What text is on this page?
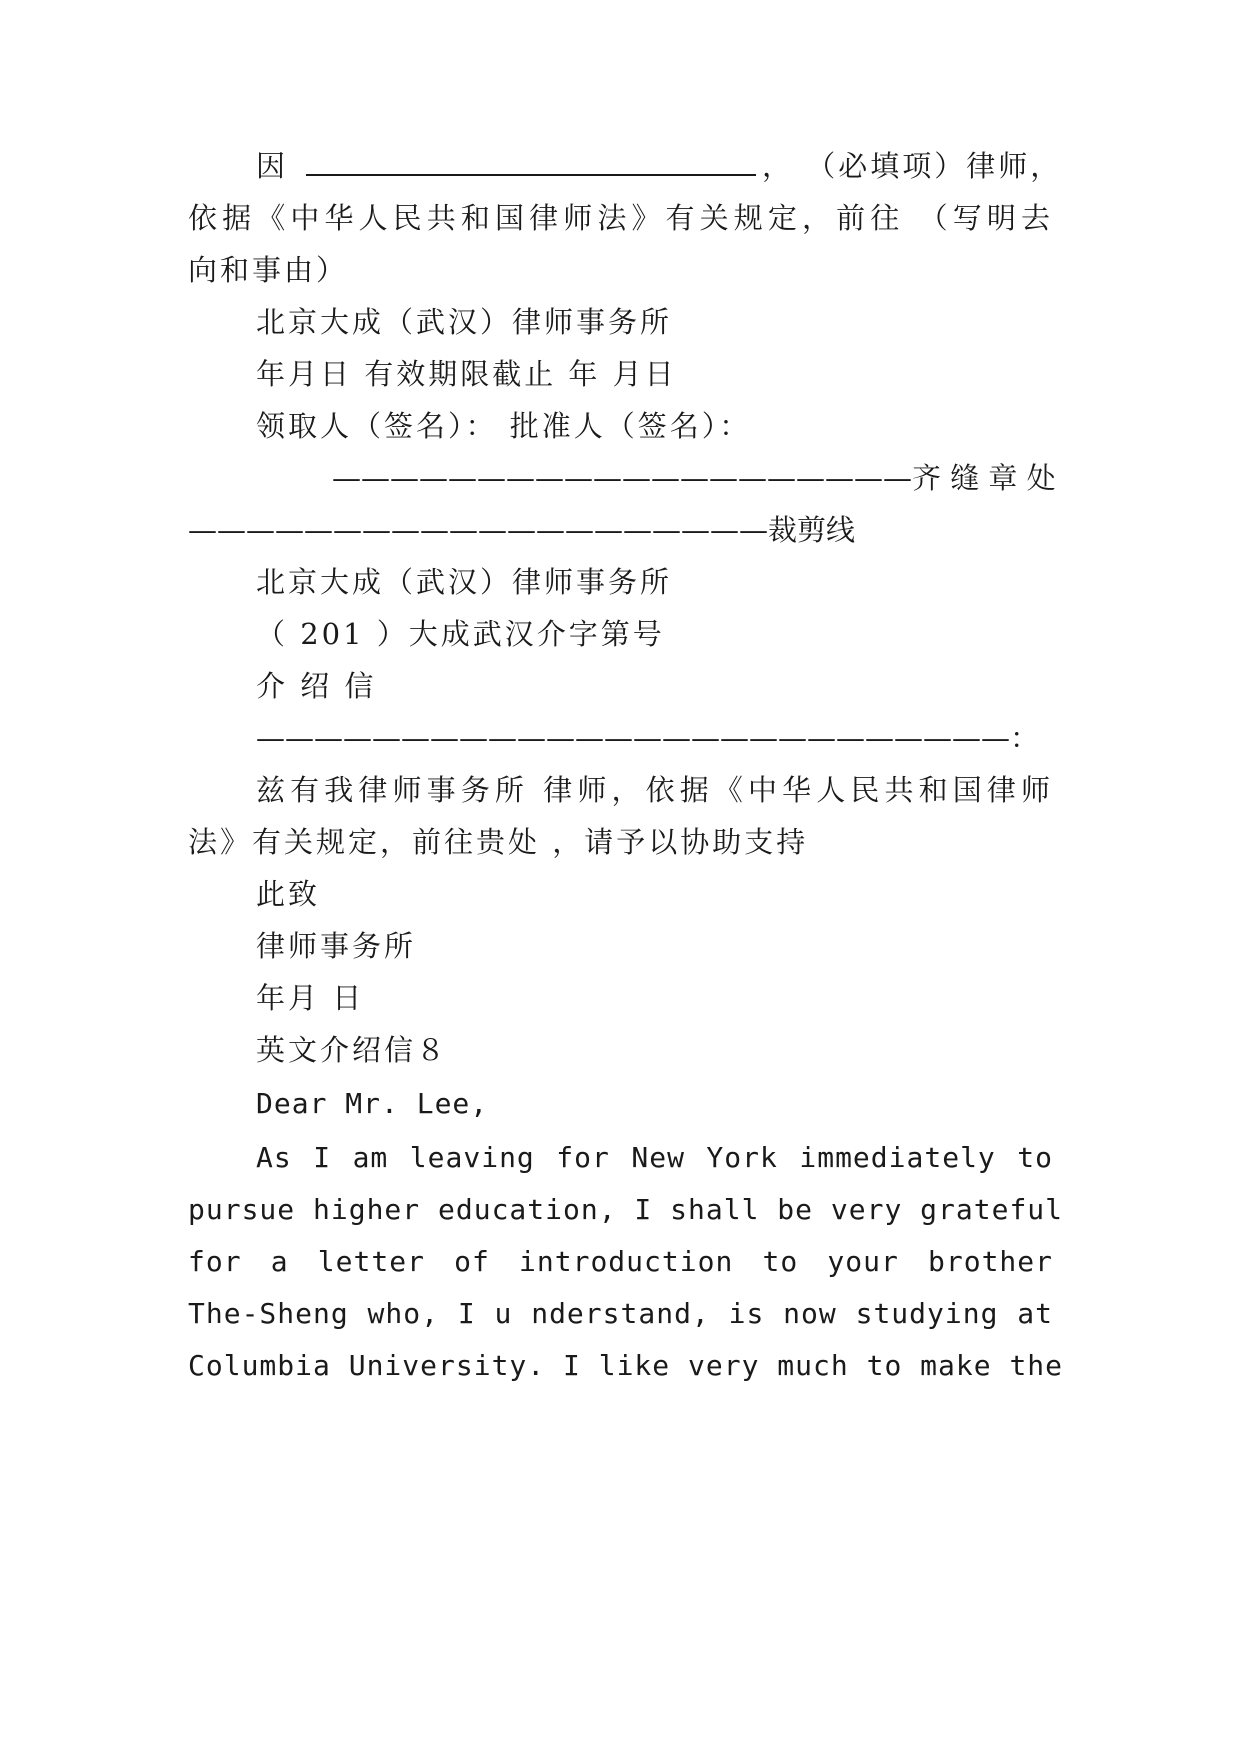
因	， （必填项）律师，
依据《中华人民共和国律师法》有关规定，前往 （写明去
向和事由）
北京大成（武汉）律师事务所
年月日 有效期限截止 年 月日
领取人（签名）： 批准人（签名）：
————————————————————齐 缝 章 处
————————————————————裁剪线
北京大成（武汉）律师事务所
（ 201 ）大成武汉介字第号
介 绍 信
——————————————————————————：
兹有我律师事务所 律师，依据《中华人民共和国律师
法》有关规定，前往贵处 ，请予以协助支持
此致
律师事务所
年月 日
英文介绍信８
Dear Mr. Lee,
As I am leaving for New York immediately to
pursue higher education, I shall be very grateful
for a letter of introduction to your brother
The-Sheng who, I u nderstand, is now studying at
Columbia University. I like very much to make the
